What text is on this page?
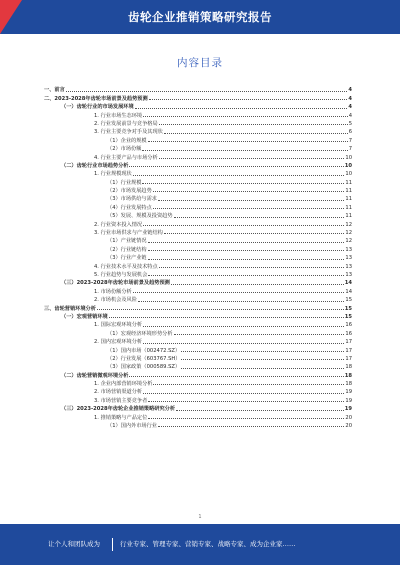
齿轮企业推销策略研究报告
内容目录
一、前言	4
二、2023-2028年齿轮市场前景及趋势预测	4
（一）齿轮行业的市场发展环境	4
1. 行业市场生态环境	4
2. 行业发展前景与竞争格局	5
3. 行业主要竞争对手及其现状	6
（1）企业的规模	7
（2）市场份额	7
4. 行业主要产品与市场分析	10
（二）齿轮行业市场趋势分析	10
1. 行业规模现状	10
（1）行业规模	11
（2）市场发展趋势	11
（3）市场供给与需求	11
（4）行业发展特点	11
（5）发展、规模及投资趋势	11
2. 行业资本投入情况	12
3. 行业市场供求与产业链结构	12
（1）产业链情况	12
（2）行业链结构	13
（3）行业产业链	13
4. 行业技术水平及技术特点	13
5. 行业趋势与发展机会	13
（三）2023-2028年齿轮市场前景及趋势预测	14
1. 市场份额分析	14
2. 市场机会及风险	15
三、齿轮营销环境分析	15
（一）宏观营销环境	15
1. 国际宏观环境分析	16
（1）宏观经济环境形势分析	16
2. 国内宏观环境分析	17
（1）国内市场（002472.SZ）	17
（2）行业发展（603767.SH）	17
（3）国家政策（000589.SZ）	18
（二）齿轮营销微观环境分析	18
1. 企业内部营销环境分析	18
2. 市场营销渠道分析	19
3. 市场营销主要竞争者	19
（三）2023-2028年齿轮企业推销策略研究分析	19
1. 推销策略与产品定位	20
（1）国内外市场行业	20
1
让个人和团队成为	行业专家、管理专家、营销专家、战略专家、成为企业家……
